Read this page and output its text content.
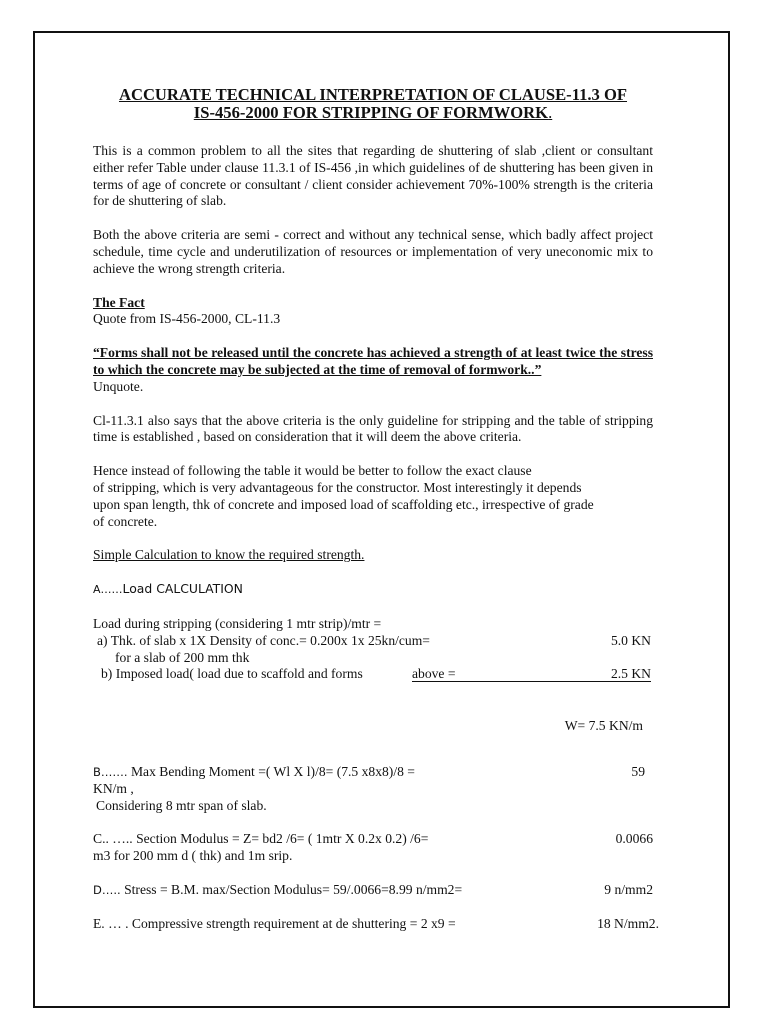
ACCURATE TECHNICAL INTERPRETATION OF CLAUSE-11.3 OF
IS-456-2000 FOR STRIPPING OF FORMWORK.

This is a common problem to all the sites that regarding de shuttering of slab ,client or consultant either refer Table under clause 11.3.1 of IS-456 ,in which guidelines of de shuttering has been given in terms of age of concrete or consultant / client consider achievement 70%-100% strength is the criteria for de shuttering of slab.

Both the above criteria are semi - correct and without any technical sense, which badly affect project schedule, time cycle and underutilization of resources or implementation of very uneconomic mix to achieve the wrong strength criteria.

The Fact
Quote from IS-456-2000, CL-11.3

“Forms shall not be released until the concrete has achieved a strength of at least twice the stress to which the concrete may be subjected at the time of removal of formwork..”

Unquote.

Cl-11.3.1 also says that the above criteria is the only guideline for stripping and the table of stripping time is established , based on consideration that it will deem the above criteria.

Hence instead of following the table it would be better to follow the exact clause
of stripping, which is very advantageous for the constructor. Most interestingly it depends
upon span length, thk of concrete and imposed load of scaffolding etc., irrespective of grade
of concrete.
Simple Calculation to know the required strength.
A……Load CALCULATION
Load during stripping (considering 1 mtr strip)/mtr =
a) Thk. of slab x 1X Density of conc.= 0.200x 1x 25kn/cum=	5.0 KN
for a slab of 200 mm thk
b) Imposed load( load due to scaffold and forms	above =	2.5 KN
W= 7.5 KN/m
B……. Max Bending Moment =( Wl X l)/8= (7.5 x8x8)/8 =	59
KN/m ,
Considering 8 mtr span of slab.
C.. ….. Section Modulus = Z= bd2 /6= ( 1mtr X 0.2x 0.2) /6=	0.0066
m3 for 200 mm d ( thk) and 1m srip.
D….. Stress = B.M. max/Section Modulus= 59/.0066=8.99 n/mm2=	9 n/mm2
E. … . Compressive strength requirement at de shuttering = 2 x9 =	18 N/mm2.
